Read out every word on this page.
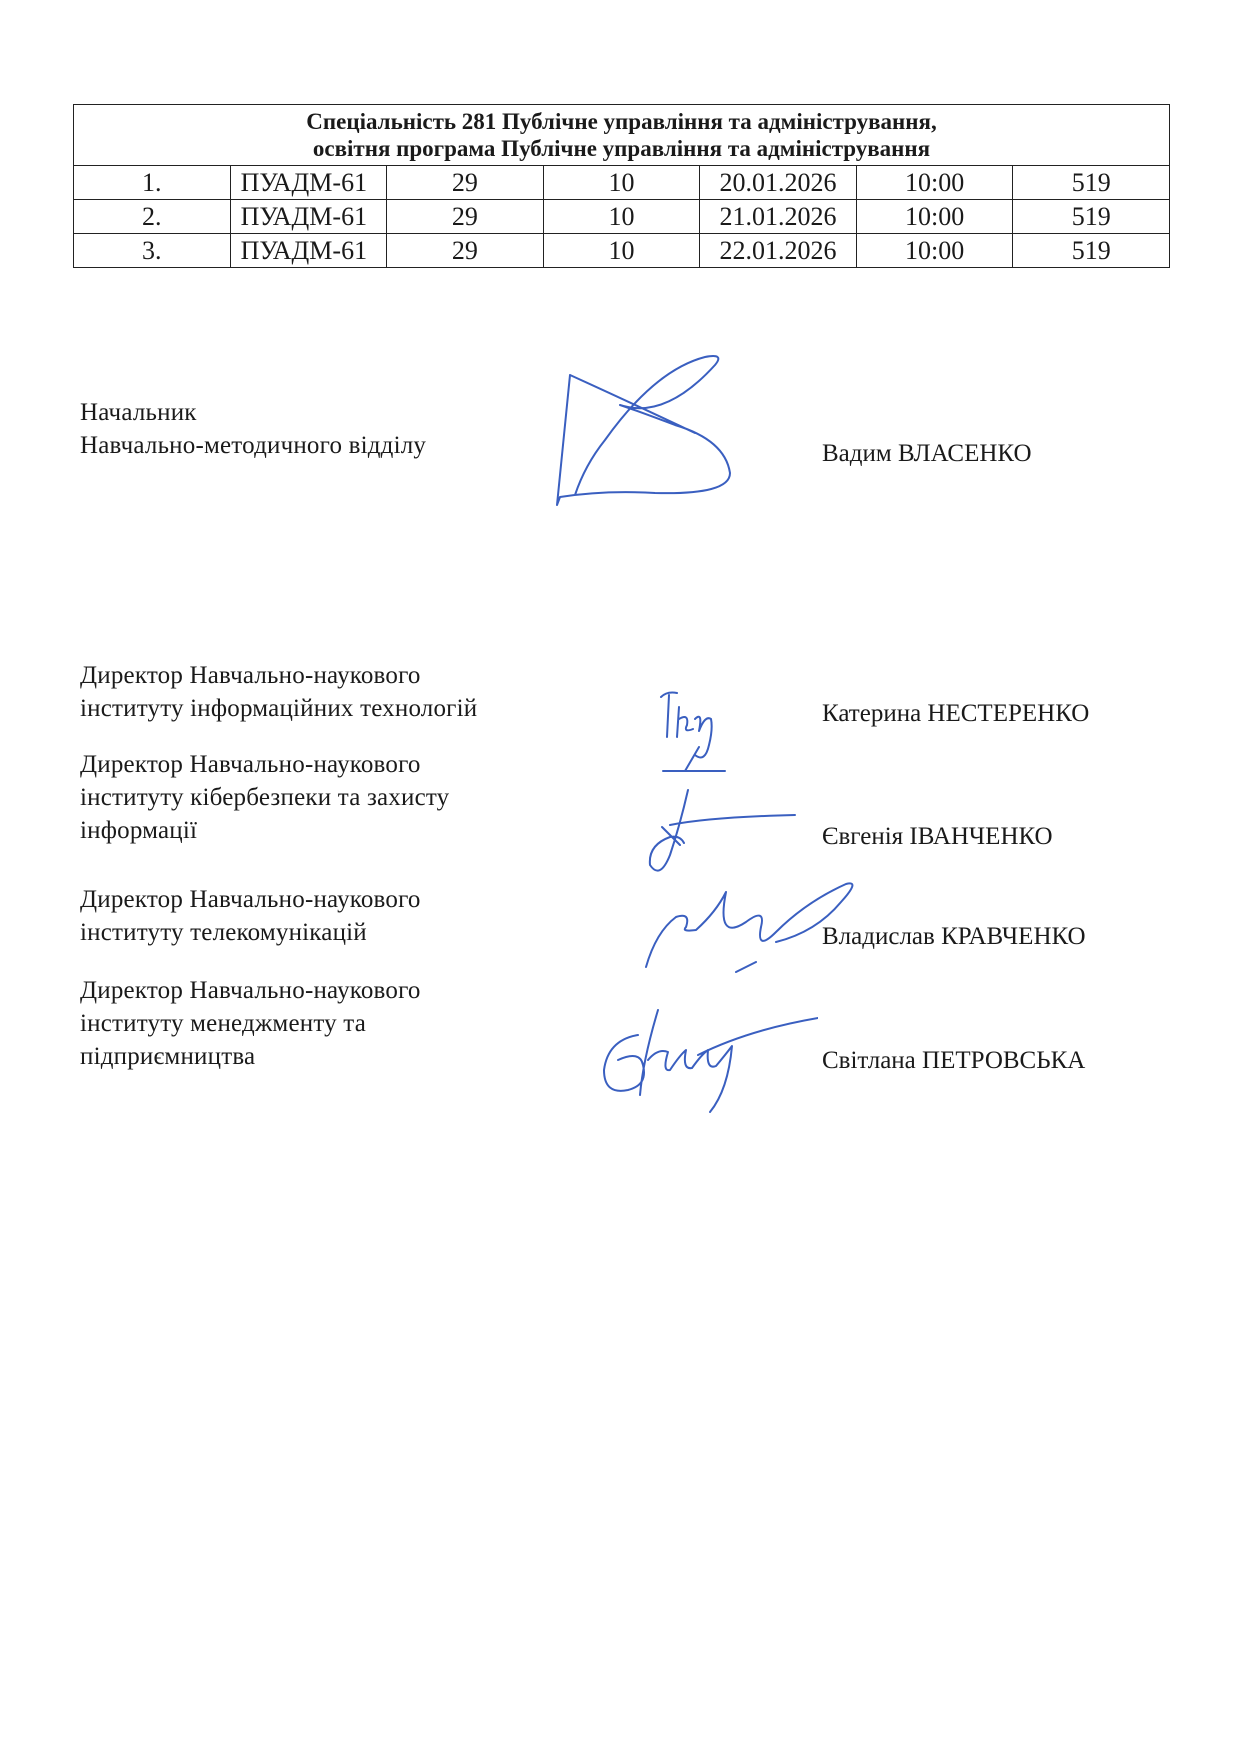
Спеціальність 281 Публічне управління та адміністрування,
освітня програма Публічне управління та адміністрування						

1.	ПУАДМ-61	29	10	20.01.2026	10:00	519
2.	ПУАДМ-61	29	10	21.01.2026	10:00	519
3.	ПУАДМ-61	29	10	22.01.2026	10:00	519
Начальник
Навчально-методичного відділу	Вадим ВЛАСЕНКО
Директор Навчально-наукового
інституту інформаційних технологій	Катерина НЕСТЕРЕНКО
Директор Навчально-наукового
інституту кібербезпеки та захисту
інформації	Євгенія ІВАНЧЕНКО
Директор Навчально-наукового
інституту телекомунікацій	Владислав КРАВЧЕНКО
Директор Навчально-наукового
інституту менеджменту та
підприємництва	Світлана ПЕТРОВСЬКА
